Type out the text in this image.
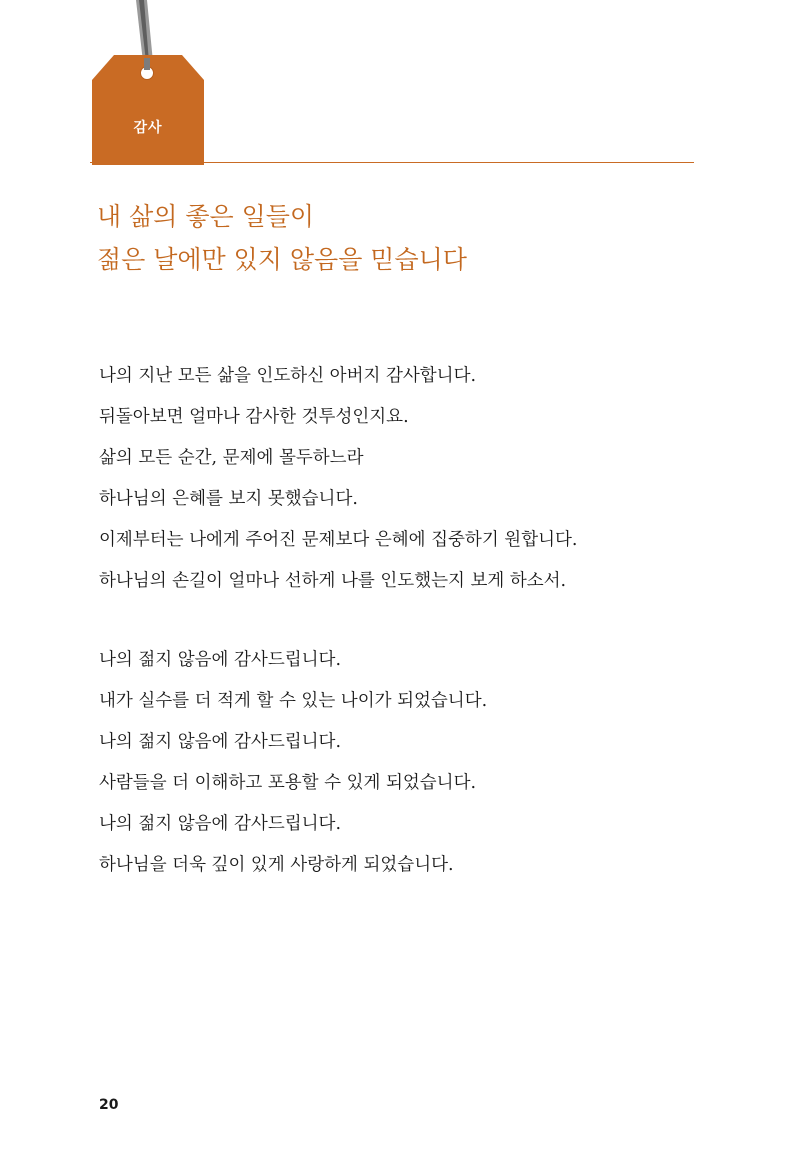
감사
내 삶의 좋은 일들이
젊은 날에만 있지 않음을 믿습니다
나의 지난 모든 삶을 인도하신 아버지 감사합니다.
뒤돌아보면 얼마나 감사한 것투성인지요.
삶의 모든 순간, 문제에 몰두하느라
하나님의 은혜를 보지 못했습니다.
이제부터는 나에게 주어진 문제보다 은혜에 집중하기 원합니다.
하나님의 손길이 얼마나 선하게 나를 인도했는지 보게 하소서.
나의 젊지 않음에 감사드립니다.
내가 실수를 더 적게 할 수 있는 나이가 되었습니다.
나의 젊지 않음에 감사드립니다.
사람들을 더 이해하고 포용할 수 있게 되었습니다.
나의 젊지 않음에 감사드립니다.
하나님을 더욱 깊이 있게 사랑하게 되었습니다.
20
